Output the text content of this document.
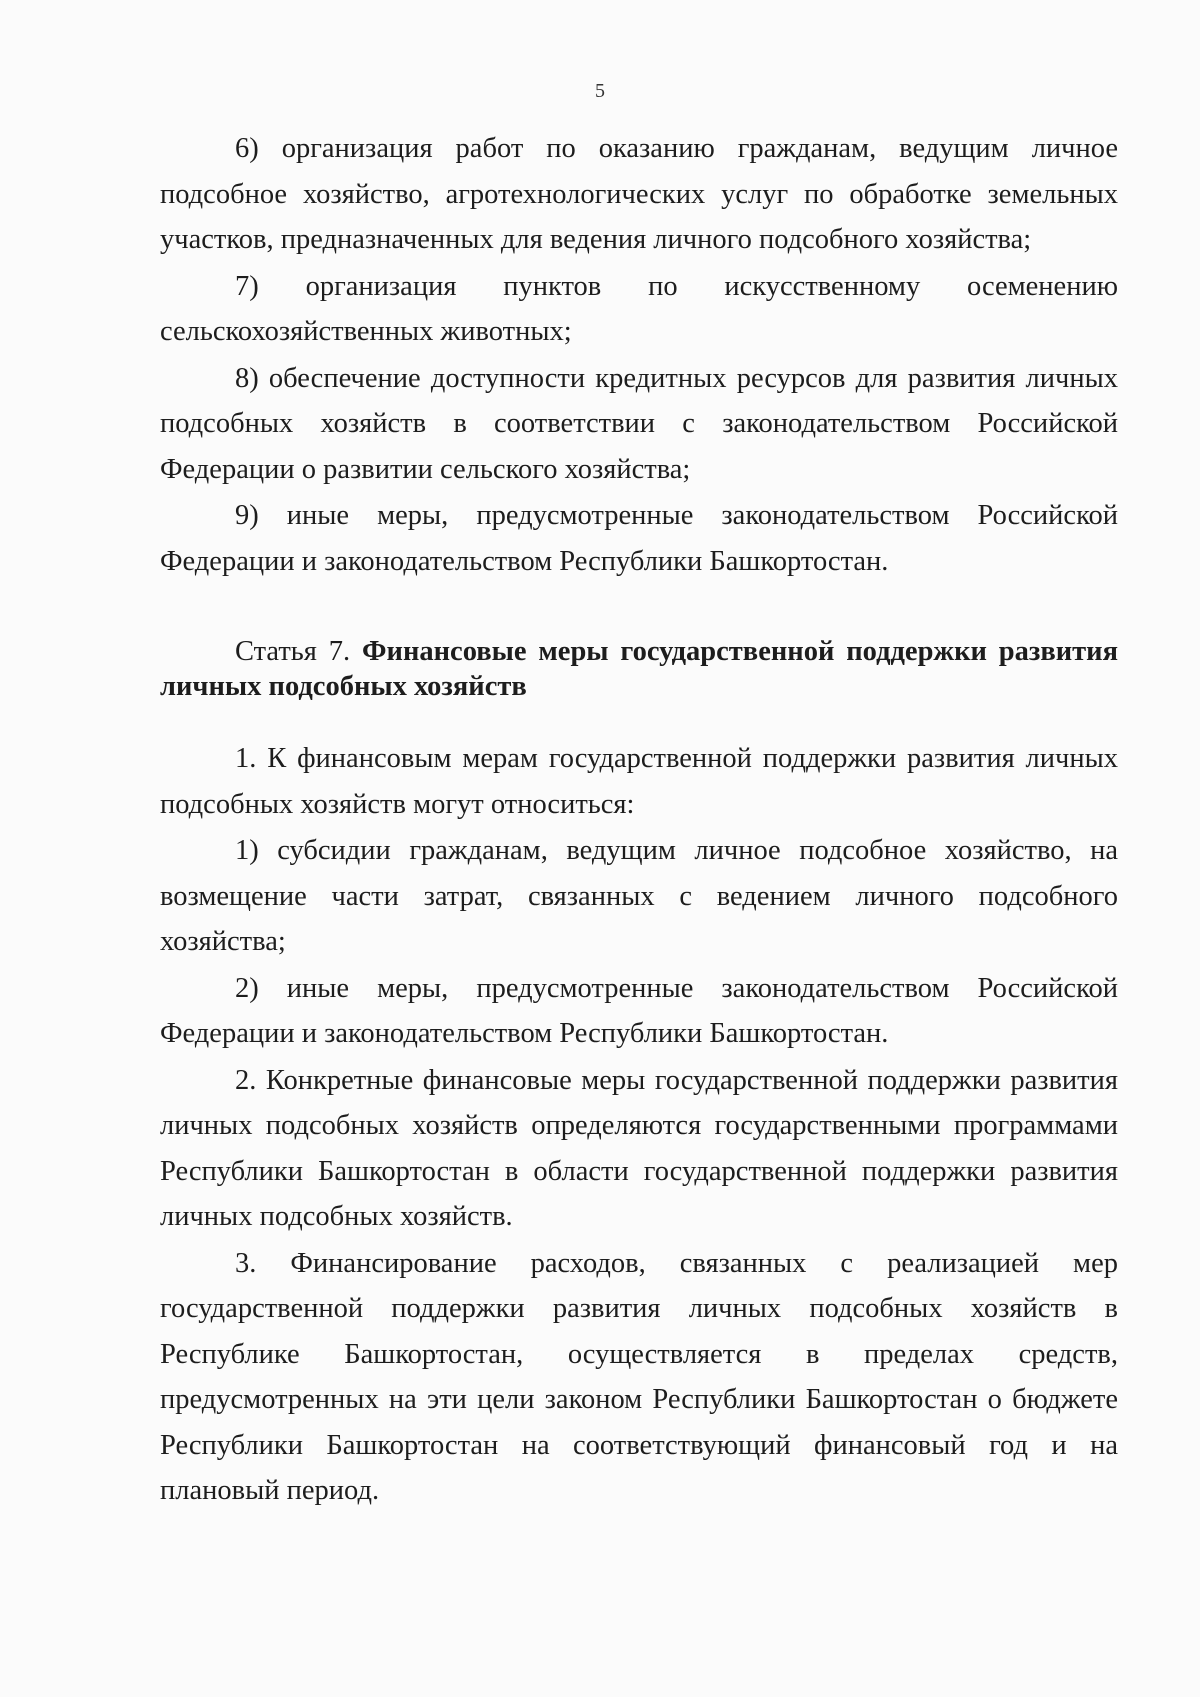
5

6) организация работ по оказанию гражданам, ведущим личное подсобное хозяйство, агротехнологических услуг по обработке земельных участков, предназначенных для ведения личного подсобного хозяйства;

7) организация пунктов по искусственному осеменению сельскохозяйственных животных;

8) обеспечение доступности кредитных ресурсов для развития личных подсобных хозяйств в соответствии с законодательством Российской Федерации о развитии сельского хозяйства;

9) иные меры, предусмотренные законодательством Российской Федерации и законодательством Республики Башкортостан.

Статья 7. Финансовые меры государственной поддержки развития личных подсобных хозяйств

1. К финансовым мерам государственной поддержки развития личных подсобных хозяйств могут относиться:

1) субсидии гражданам, ведущим личное подсобное хозяйство, на возмещение части затрат, связанных с ведением личного подсобного хозяйства;

2) иные меры, предусмотренные законодательством Российской Федерации и законодательством Республики Башкортостан.

2. Конкретные финансовые меры государственной поддержки развития личных подсобных хозяйств определяются государственными программами Республики Башкортостан в области государственной поддержки развития личных подсобных хозяйств.

3. Финансирование расходов, связанных с реализацией мер государственной поддержки развития личных подсобных хозяйств в Республике Башкортостан, осуществляется в пределах средств, предусмотренных на эти цели законом Республики Башкортостан о бюджете Республики Башкортостан на соответствующий финансовый год и на плановый период.
